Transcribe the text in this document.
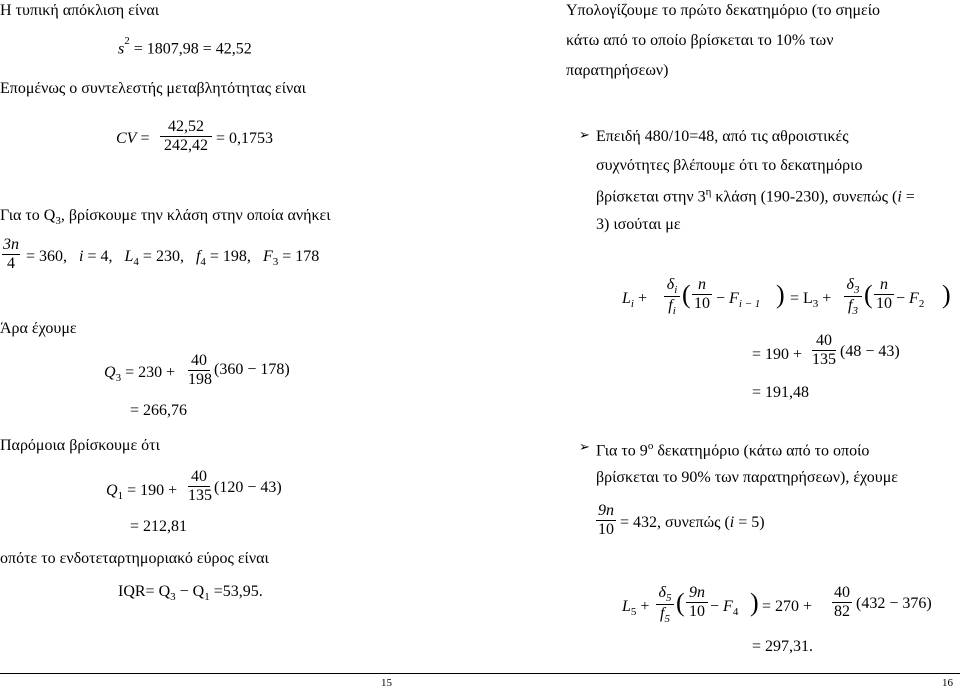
Η τυπική απόκλιση είναι
$s^2 = 1807,98 = 42,52$
Επομένως ο συντελεστής μεταβλητότητας είναι
CV =
42,52
242,42 = 0,1753
Για το $Q_3$, βρίσκουμε την κλάση στην οποία ανήκει
3n
4 = 360, i = 4,   $L_4 = 230$,   $f_4 = 198$,   $F_3 = 178$
Άρα έχουμε
$Q_3 = 230$ +
40
198
(360 − 178)
= 266,76
Παρόμοια βρίσκουμε ότι
$Q_1 = 190$ +
40
135 (120 − 43)
= 212,81
οπότε το ενδοτεταρτημοριακό εύρος είναι
$IQR= Q_3 - Q_1 =53,95$.
Υπολογίζουμε το πρώτο δεκατημόριο (το σημείο
κάτω από το οποίο βρίσκεται το 10% των
παρατηρήσεων)
➢ Επειδή 480/10=48, από τις αθροιστικές
συχνότητες βλέπουμε ότι το δεκατημόριο
βρίσκεται στην $3^\eta$ κλάση (190-230), συνεπώς (i =
3) ισούται με
$L_i$ +
$\delta_i$
$f_i$
( n
$10 - F_{i - 1}$ ) = $L_3$ +
$\delta_3$
$f_3$
( n
$10 - F_2$ )
= 190 +
40
135 (48 − 43)
= 191,48
➢ Για το $9^o$ δεκατημόριο (κάτω από το οποίο
βρίσκεται το 90% των παρατηρήσεων), έχουμε
9n
10 = 432, συνεπώς (i = 5)
$L_5$ +
$\delta_5$
$f_5$
( 9n
$10 - F_4$ ) = 270 +
40
82 (432 − 376)
= 297,31.
15	16
